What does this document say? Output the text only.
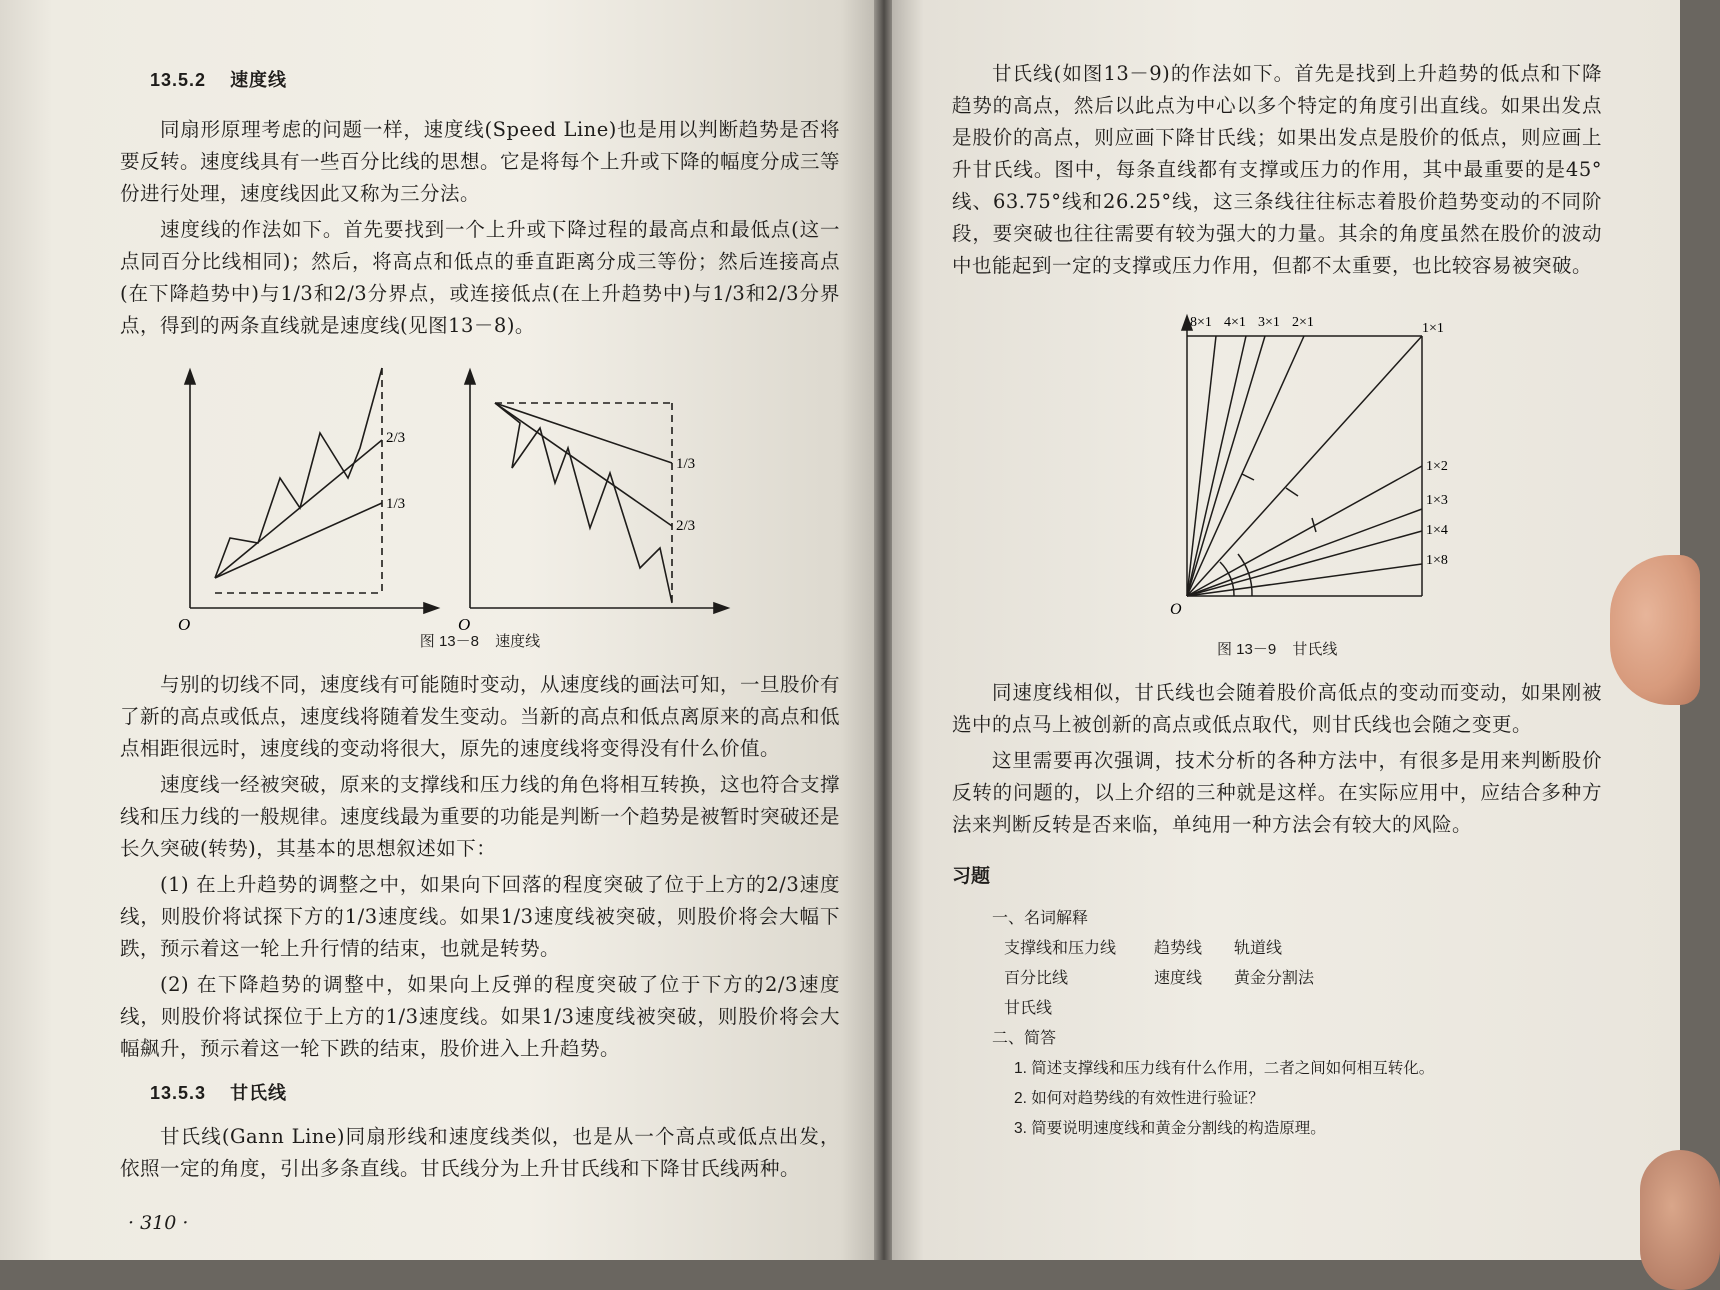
13.5.2 速度线

同扇形原理考虑的问题一样，速度线(Speed Line)也是用以判断趋势是否将要反转。速度线具有一些百分比线的思想。它是将每个上升或下降的幅度分成三等份进行处理，速度线因此又称为三分法。

速度线的作法如下。首先要找到一个上升或下降过程的最高点和最低点(这一点同百分比线相同)；然后，将高点和低点的垂直距离分成三等份；然后连接高点(在下降趋势中)与1/3和2/3分界点，或连接低点(在上升趋势中)与1/3和2/3分界点，得到的两条直线就是速度线(见图13－8)。

2/3
1/3
O
1/3
2/3
O
图 13－8 速度线

与别的切线不同，速度线有可能随时变动，从速度线的画法可知，一旦股价有了新的高点或低点，速度线将随着发生变动。当新的高点和低点离原来的高点和低点相距很远时，速度线的变动将很大，原先的速度线将变得没有什么价值。

速度线一经被突破，原来的支撑线和压力线的角色将相互转换，这也符合支撑线和压力线的一般规律。速度线最为重要的功能是判断一个趋势是被暂时突破还是长久突破(转势)，其基本的思想叙述如下：

(1) 在上升趋势的调整之中，如果向下回落的程度突破了位于上方的2/3速度线，则股价将试探下方的1/3速度线。如果1/3速度线被突破，则股价将会大幅下跌，预示着这一轮上升行情的结束，也就是转势。

(2) 在下降趋势的调整中，如果向上反弹的程度突破了位于下方的2/3速度线，则股价将试探位于上方的1/3速度线。如果1/3速度线被突破，则股价将会大幅飙升，预示着这一轮下跌的结束，股价进入上升趋势。

13.5.3 甘氏线

甘氏线(Gann Line)同扇形线和速度线类似，也是从一个高点或低点出发，依照一定的角度，引出多条直线。甘氏线分为上升甘氏线和下降甘氏线两种。

· 310 ·

甘氏线(如图13－9)的作法如下。首先是找到上升趋势的低点和下降趋势的高点，然后以此点为中心以多个特定的角度引出直线。如果出发点是股价的高点，则应画下降甘氏线；如果出发点是股价的低点，则应画上升甘氏线。图中，每条直线都有支撑或压力的作用，其中最重要的是45°线、63.75°线和26.25°线，这三条线往往标志着股价趋势变动的不同阶段，要突破也往往需要有较为强大的力量。其余的角度虽然在股价的波动中也能起到一定的支撑或压力作用，但都不太重要，也比较容易被突破。

8×1 4×1 3×1 2×1	1×1
1×2
1×3
1×4
1×8
O
图 13－9 甘氏线

同速度线相似，甘氏线也会随着股价高低点的变动而变动，如果刚被选中的点马上被创新的高点或低点取代，则甘氏线也会随之变更。

这里需要再次强调，技术分析的各种方法中，有很多是用来判断股价反转的问题的，以上介绍的三种就是这样。在实际应用中，应结合多种方法来判断反转是否来临，单纯用一种方法会有较大的风险。

习题
一、名词解释
支撑线和压力线	趋势线	轨道线
百分比线	速度线	黄金分割法
甘氏线
二、简答
1. 简述支撑线和压力线有什么作用，二者之间如何相互转化。
2. 如何对趋势线的有效性进行验证？
3. 简要说明速度线和黄金分割线的构造原理。
